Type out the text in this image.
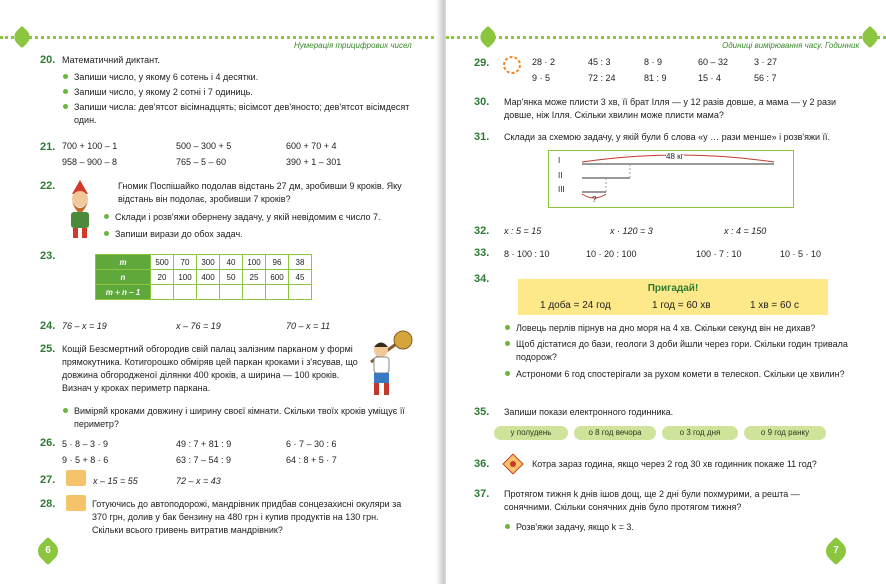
Нумерація трицифрових чисел
20. Математичний диктант.
Запиши число, у якому 6 сотень і 4 десятки.
Запиши число, у якому 2 сотні і 7 одиниць.
Запиши числа: дев'ятсот вісімнадцять; вісімсот дев'яносто; дев'ятсот вісімдесят один.
21. 700 + 100 – 1	500 – 300 + 5	600 + 70 + 4
958 – 900 – 8	765 – 5 – 60	390 + 1 – 301
22.	Гномик Поспішайко подолав відстань 27 дм, зробивши 9 кроків. Яку відстань він подолає, зробивши 7 кроків?
Склади і розв'яжи обернену задачу, у якій невідомим є число 7.
Запиши вирази до обох задач.
23.	m	500	70	300	40	100	96	38
n	20	100	400	50	25	600	45
m + n – 1							
24. 76 – x = 19	x – 76 = 19	70 – x = 11
25. Кощій Безсмертний обгородив свій палац залізним парканом у формі прямокутника. Котигорошко обміряв цей паркан кроками і з'ясував, що довжина обгородженої ділянки 400 кроків, а ширина — 100 кроків. Визнач у кроках периметр паркана.
Виміряй кроками довжину і ширину своєї кімнати. Скільки твоїх кроків уміщує її периметр?
26. 5 · 8 – 3 · 9	49 : 7 + 81 : 9	6 · 7 – 30 : 6
9 · 5 + 8 · 6	63 : 7 – 54 : 9	64 : 8 + 5 · 7
27.	x – 15 = 55	72 – x = 43
28.	Готуючись до автоподорожі, мандрівник придбав сонцезахисні окуляри за 370 грн, долив у бак бензину на 480 грн і купив продуктів на 130 грн. Скільки всього гривень витратив мандрівник?
6
Одиниці вимірювання часу. Годинник
29.	28 · 2	45 : 3	8 · 9	60 – 32	3 · 27
9 · 5	72 : 24	81 : 9	15 · 4	56 : 7
30. Мар'янка може плисти 3 хв, її брат Ілля — у 12 разів довше, а мама — у 2 рази довше, ніж Ілля. Скільки хвилин може плисти мама?
31. Склади за схемою задачу, у якій були б слова «у … рази менше» і розв'яжи її.
I
II
III
48 кг
?
32. x : 5 = 15	x · 120 = 3	x : 4 = 150
33. 8 · 100 : 10	10 · 20 : 100	100 · 7 : 10	10 · 5 · 10
34.
Пригадай!
1 доба = 24 год	1 год = 60 хв	1 хв = 60 с
Ловець перлів пірнув на дно моря на 4 хв. Скільки секунд він не дихав?
Щоб дістатися до бази, геологи 3 доби йшли через гори. Скільки годин тривала подорож?
Астрономи 6 год спостерігали за рухом комети в телескоп. Скільки це хвилин?
35. Запиши покази електронного годинника.
у полудень	о 8 год вечора	о 3 год дня	о 9 год ранку
36.	Котра зараз година, якщо через 2 год 30 хв годинник покаже 11 год?
37. Протягом тижня k днів ішов дощ, ще 2 дні були похмурими, а решта — сонячними. Скільки сонячних днів було протягом тижня?
Розв'яжи задачу, якщо k = 3.
7
